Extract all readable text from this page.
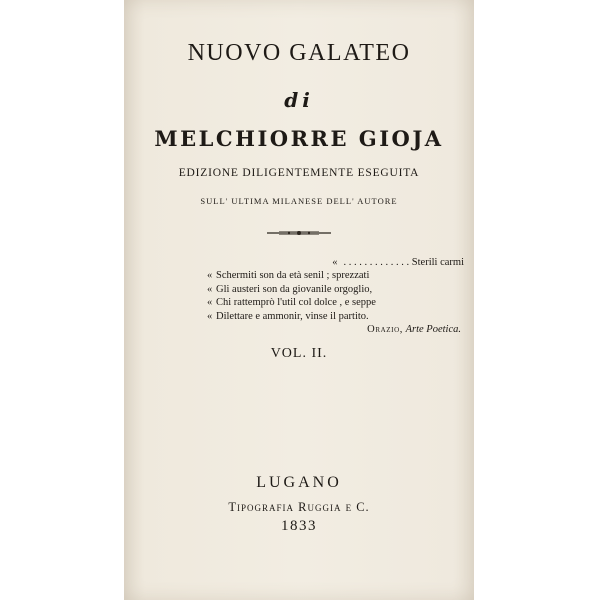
NUOVO GALATEO
di
MELCHIORRE GIOJA
EDIZIONE DILIGENTEMENTE ESEGUITA
SULL' ULTIMA MILANESE DELL' AUTORE
« . . . . . . . . . . . . . Sterili carmi
« Schermiti son da età senil ; sprezzati
« Gli austeri son da giovanile orgoglio,
« Chi rattemprò l'util col dolce , e seppe
« Dilettare e ammonir, vinse il partito.
Orazio, Arte Poetica.
VOL. II.
LUGANO
Tipografia Ruggia e C.
1833
